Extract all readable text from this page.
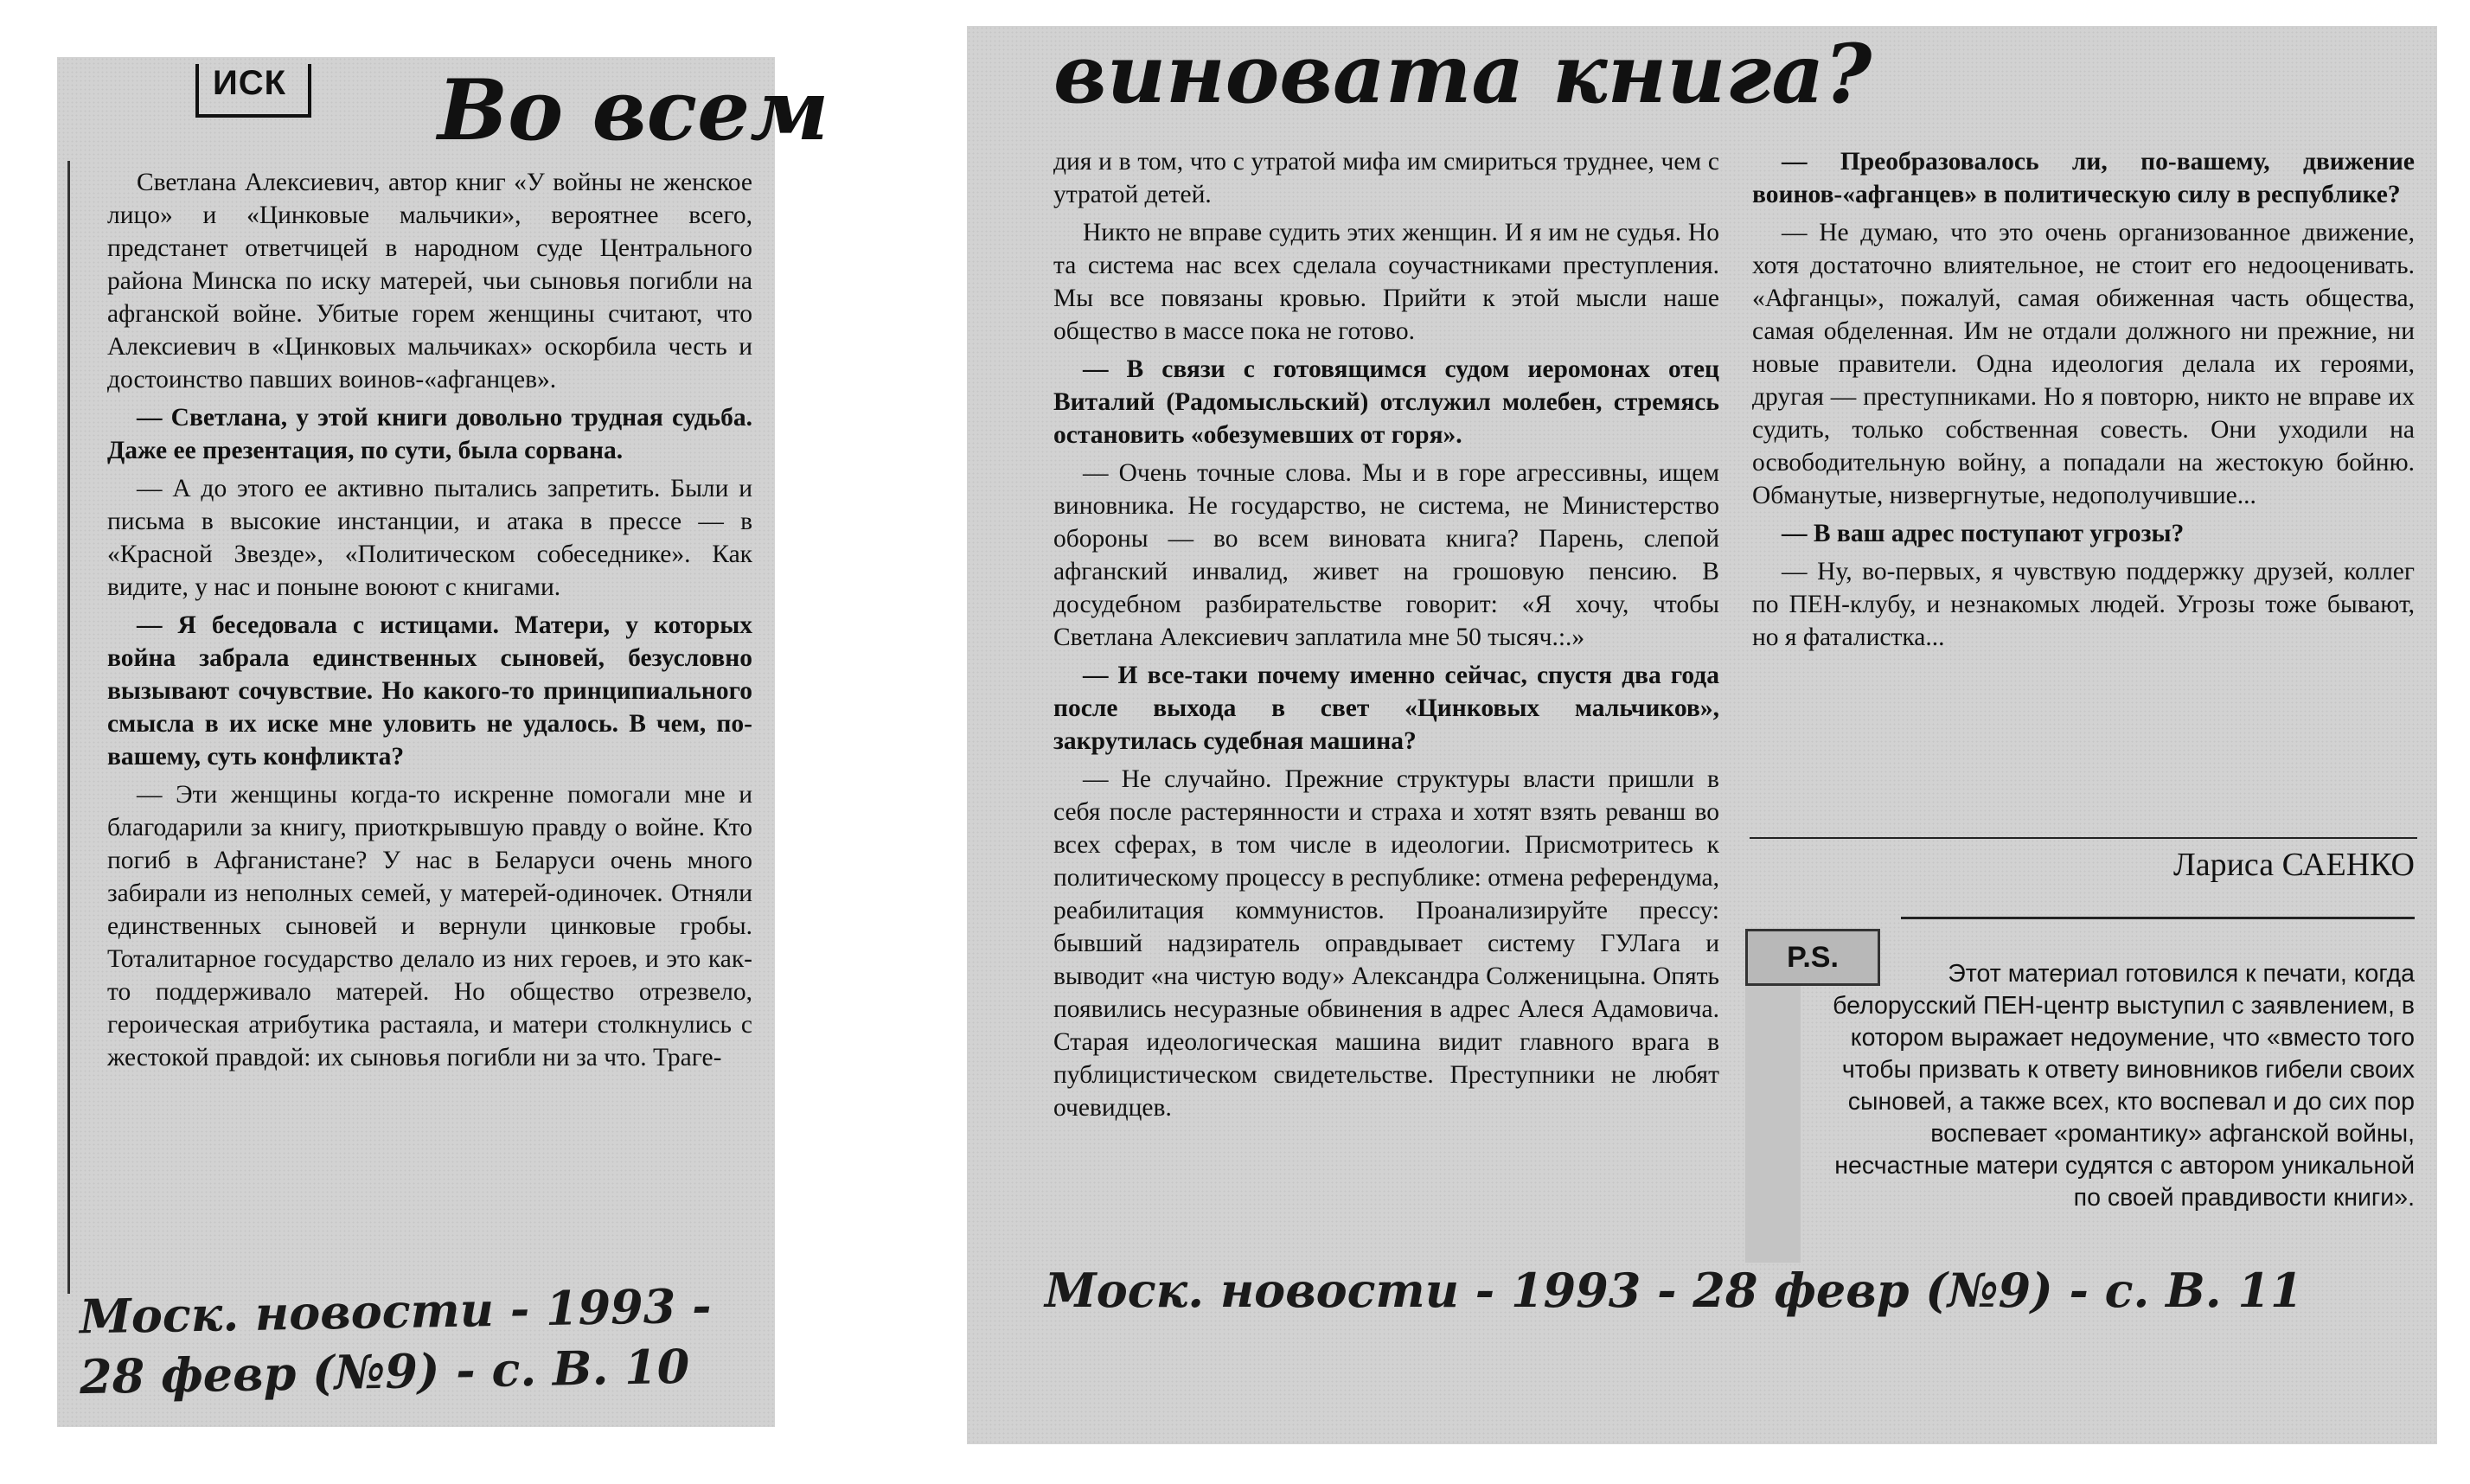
ИСК Во всем

Светлана Алексиевич, автор книг «У войны не женское лицо» и «Цинковые мальчики», вероятнее всего, предстанет ответчицей в народном суде Центрального района Минска по иску матерей, чьи сыновья погибли на афганской войне. Убитые горем женщины считают, что Алексиевич в «Цинковых мальчиках» оскорбила честь и достоинство павших воинов-«афганцев».

— Светлана, у этой книги довольно трудная судьба. Даже ее презентация, по сути, была сорвана.

— А до этого ее активно пытались запретить. Были и письма в высокие инстанции, и атака в прессе — в «Красной Звезде», «Политическом собеседнике». Как видите, у нас и поныне воюют с книгами.

— Я беседовала с истицами. Матери, у которых война забрала единственных сыновей, безусловно вызывают сочувствие. Но какого-то принципиального смысла в их иске мне уловить не удалось. В чем, по-вашему, суть конфликта?

— Эти женщины когда-то искренне помогали мне и благодарили за книгу, приоткрывшую правду о войне. Кто погиб в Афганистане? У нас в Беларуси очень много забирали из неполных семей, у матерей-одиночек. Отняли единственных сыновей и вернули цинковые гробы. Тоталитарное государство делало из них героев, и это как-то поддерживало матерей. Но общество отрезвело, героическая атрибутика растаяла, и матери столкнулись с жестокой правдой: их сыновья погибли ни за что. Траге-

Моск. новости - 1993 -
28 февр (№9) - с. В. 10
виновата книга?

дия и в том, что с утратой мифа им смириться труднее, чем с утратой детей.

Никто не вправе судить этих женщин. И я им не судья. Но та система нас всех сделала соучастниками преступления. Мы все повязаны кровью. Прийти к этой мысли наше общество в массе пока не готово.

— В связи с готовящимся судом иеромонах отец Виталий (Радомысльский) отслужил молебен, стремясь остановить «обезумевших от горя».

— Очень точные слова. Мы и в горе агрессивны, ищем виновника. Не государство, не система, не Министерство обороны — во всем виновата книга? Парень, слепой афганский инвалид, живет на грошовую пенсию. В досудебном разбирательстве говорит: «Я хочу, чтобы Светлана Алексиевич заплатила мне 50 тысяч.:.»

— И все-таки почему именно сейчас, спустя два года после выхода в свет «Цинковых мальчиков», закрутилась судебная машина?

— Не случайно. Прежние структуры власти пришли в себя после растерянности и страха и хотят взять реванш во всех сферах, в том числе в идеологии. Присмотритесь к политическому процессу в республике: отмена референдума, реабилитация коммунистов. Проанализируйте прессу: бывший надзиратель оправдывает систему ГУЛага и выводит «на чистую воду» Александра Солженицына. Опять появились несуразные обвинения в адрес Алеся Адамовича. Старая идеологическая машина видит главного врага в публицистическом свидетельстве. Преступники не любят очевидцев.

— Преобразовалось ли, по-вашему, движение воинов-«афганцев» в политическую силу в республике?

— Не думаю, что это очень организованное движение, хотя достаточно влиятельное, не стоит его недооценивать. «Афганцы», пожалуй, самая обиженная часть общества, самая обделенная. Им не отдали должного ни прежние, ни новые правители. Одна идеология делала их героями, другая — преступниками. Но я повторю, никто не вправе их судить, только собственная совесть. Они уходили на освободительную войну, а попадали на жестокую бойню. Обманутые, низвергнутые, недополучившие...

— В ваш адрес поступают угрозы?

— Ну, во-первых, я чувствую поддержку друзей, коллег по ПЕН-клубу, и незнакомых людей. Угрозы тоже бывают, но я фаталистка...

Лариса САЕНКО
P.S.	Этот материал готовился к печати, когда белорусский ПЕН-центр выступил с заявлением, в котором выражает недоумение, что «вместо того чтобы призвать к ответу виновников гибели своих сыновей, а также всех, кто воспевал и до сих пор воспевает «романтику» афганской войны, несчастные матери судятся с автором уникальной по своей правдивости книги».
Моск. новости - 1993 - 28 февр (№9) - с. В. 11
